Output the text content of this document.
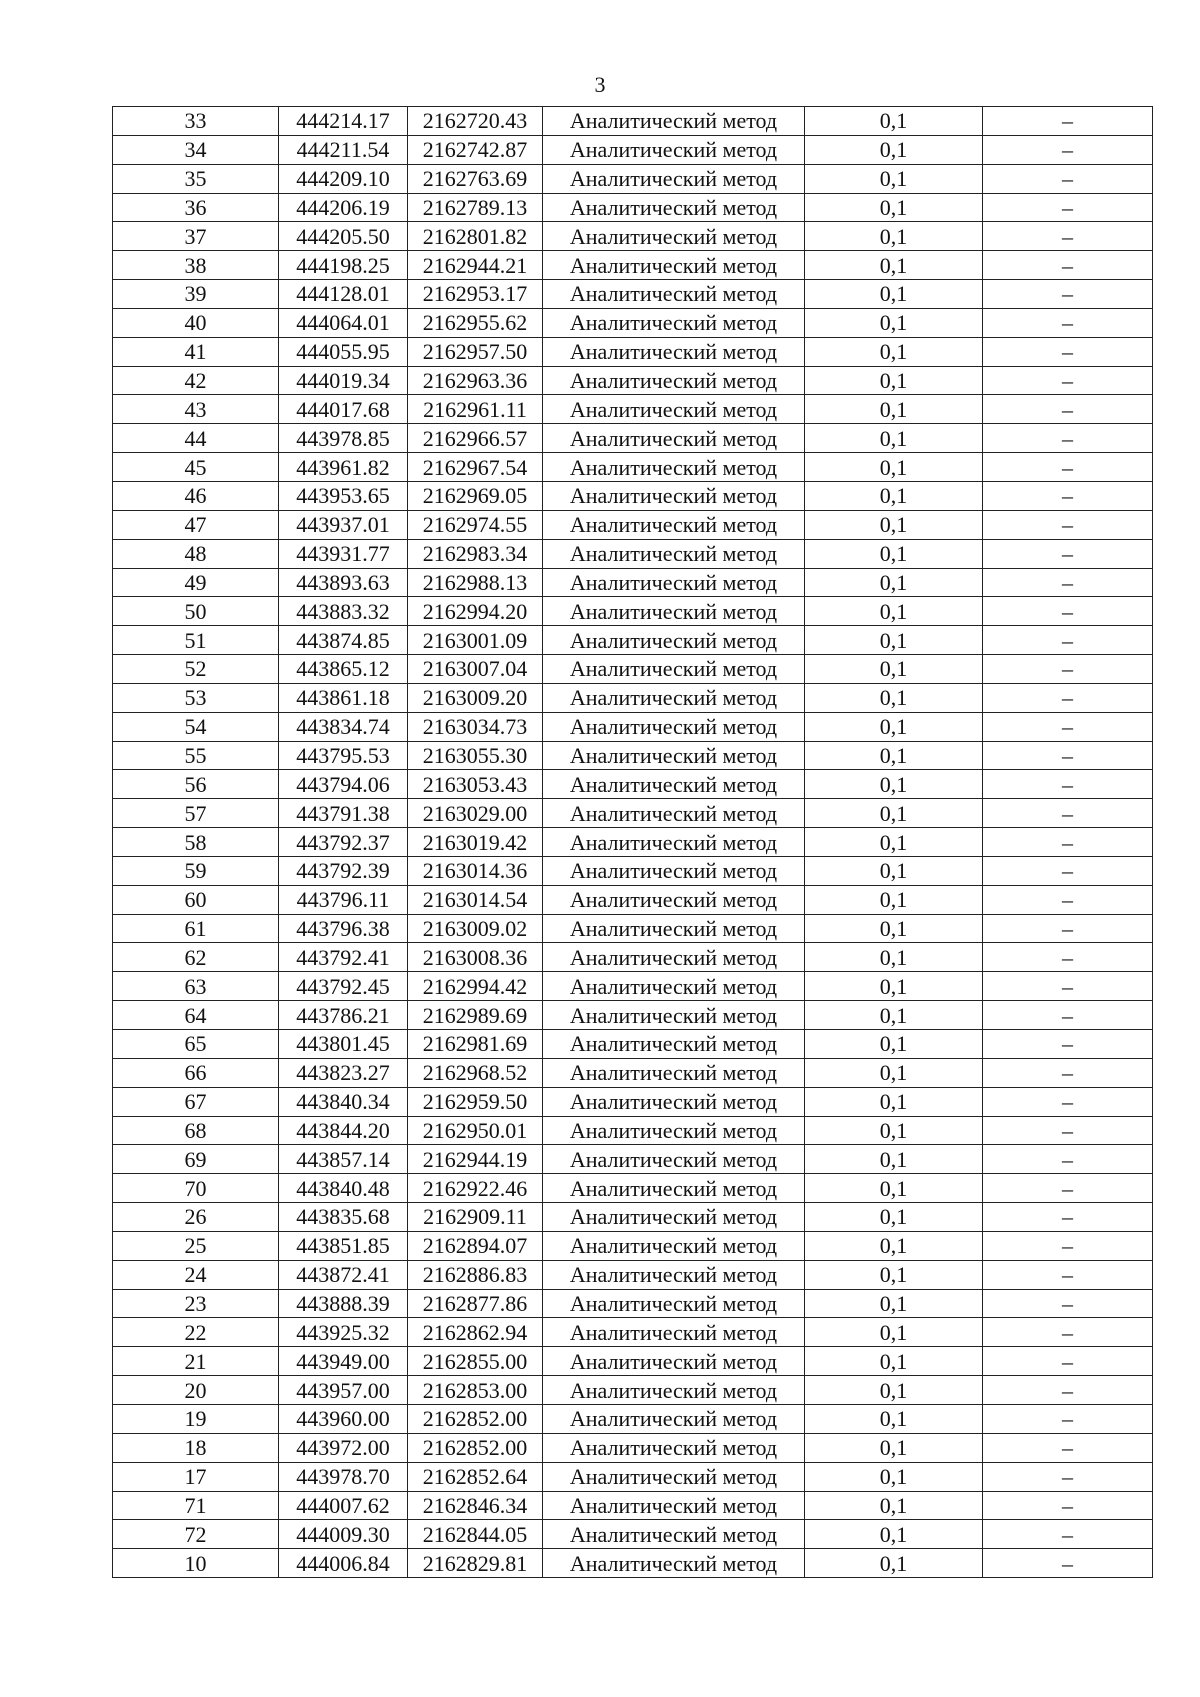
3
33	444214.17	2162720.43	Аналитический метод	0,1	–
34	444211.54	2162742.87	Аналитический метод	0,1	–
35	444209.10	2162763.69	Аналитический метод	0,1	–
36	444206.19	2162789.13	Аналитический метод	0,1	–
37	444205.50	2162801.82	Аналитический метод	0,1	–
38	444198.25	2162944.21	Аналитический метод	0,1	–
39	444128.01	2162953.17	Аналитический метод	0,1	–
40	444064.01	2162955.62	Аналитический метод	0,1	–
41	444055.95	2162957.50	Аналитический метод	0,1	–
42	444019.34	2162963.36	Аналитический метод	0,1	–
43	444017.68	2162961.11	Аналитический метод	0,1	–
44	443978.85	2162966.57	Аналитический метод	0,1	–
45	443961.82	2162967.54	Аналитический метод	0,1	–
46	443953.65	2162969.05	Аналитический метод	0,1	–
47	443937.01	2162974.55	Аналитический метод	0,1	–
48	443931.77	2162983.34	Аналитический метод	0,1	–
49	443893.63	2162988.13	Аналитический метод	0,1	–
50	443883.32	2162994.20	Аналитический метод	0,1	–
51	443874.85	2163001.09	Аналитический метод	0,1	–
52	443865.12	2163007.04	Аналитический метод	0,1	–
53	443861.18	2163009.20	Аналитический метод	0,1	–
54	443834.74	2163034.73	Аналитический метод	0,1	–
55	443795.53	2163055.30	Аналитический метод	0,1	–
56	443794.06	2163053.43	Аналитический метод	0,1	–
57	443791.38	2163029.00	Аналитический метод	0,1	–
58	443792.37	2163019.42	Аналитический метод	0,1	–
59	443792.39	2163014.36	Аналитический метод	0,1	–
60	443796.11	2163014.54	Аналитический метод	0,1	–
61	443796.38	2163009.02	Аналитический метод	0,1	–
62	443792.41	2163008.36	Аналитический метод	0,1	–
63	443792.45	2162994.42	Аналитический метод	0,1	–
64	443786.21	2162989.69	Аналитический метод	0,1	–
65	443801.45	2162981.69	Аналитический метод	0,1	–
66	443823.27	2162968.52	Аналитический метод	0,1	–
67	443840.34	2162959.50	Аналитический метод	0,1	–
68	443844.20	2162950.01	Аналитический метод	0,1	–
69	443857.14	2162944.19	Аналитический метод	0,1	–
70	443840.48	2162922.46	Аналитический метод	0,1	–
26	443835.68	2162909.11	Аналитический метод	0,1	–
25	443851.85	2162894.07	Аналитический метод	0,1	–
24	443872.41	2162886.83	Аналитический метод	0,1	–
23	443888.39	2162877.86	Аналитический метод	0,1	–
22	443925.32	2162862.94	Аналитический метод	0,1	–
21	443949.00	2162855.00	Аналитический метод	0,1	–
20	443957.00	2162853.00	Аналитический метод	0,1	–
19	443960.00	2162852.00	Аналитический метод	0,1	–
18	443972.00	2162852.00	Аналитический метод	0,1	–
17	443978.70	2162852.64	Аналитический метод	0,1	–
71	444007.62	2162846.34	Аналитический метод	0,1	–
72	444009.30	2162844.05	Аналитический метод	0,1	–
10	444006.84	2162829.81	Аналитический метод	0,1	–
